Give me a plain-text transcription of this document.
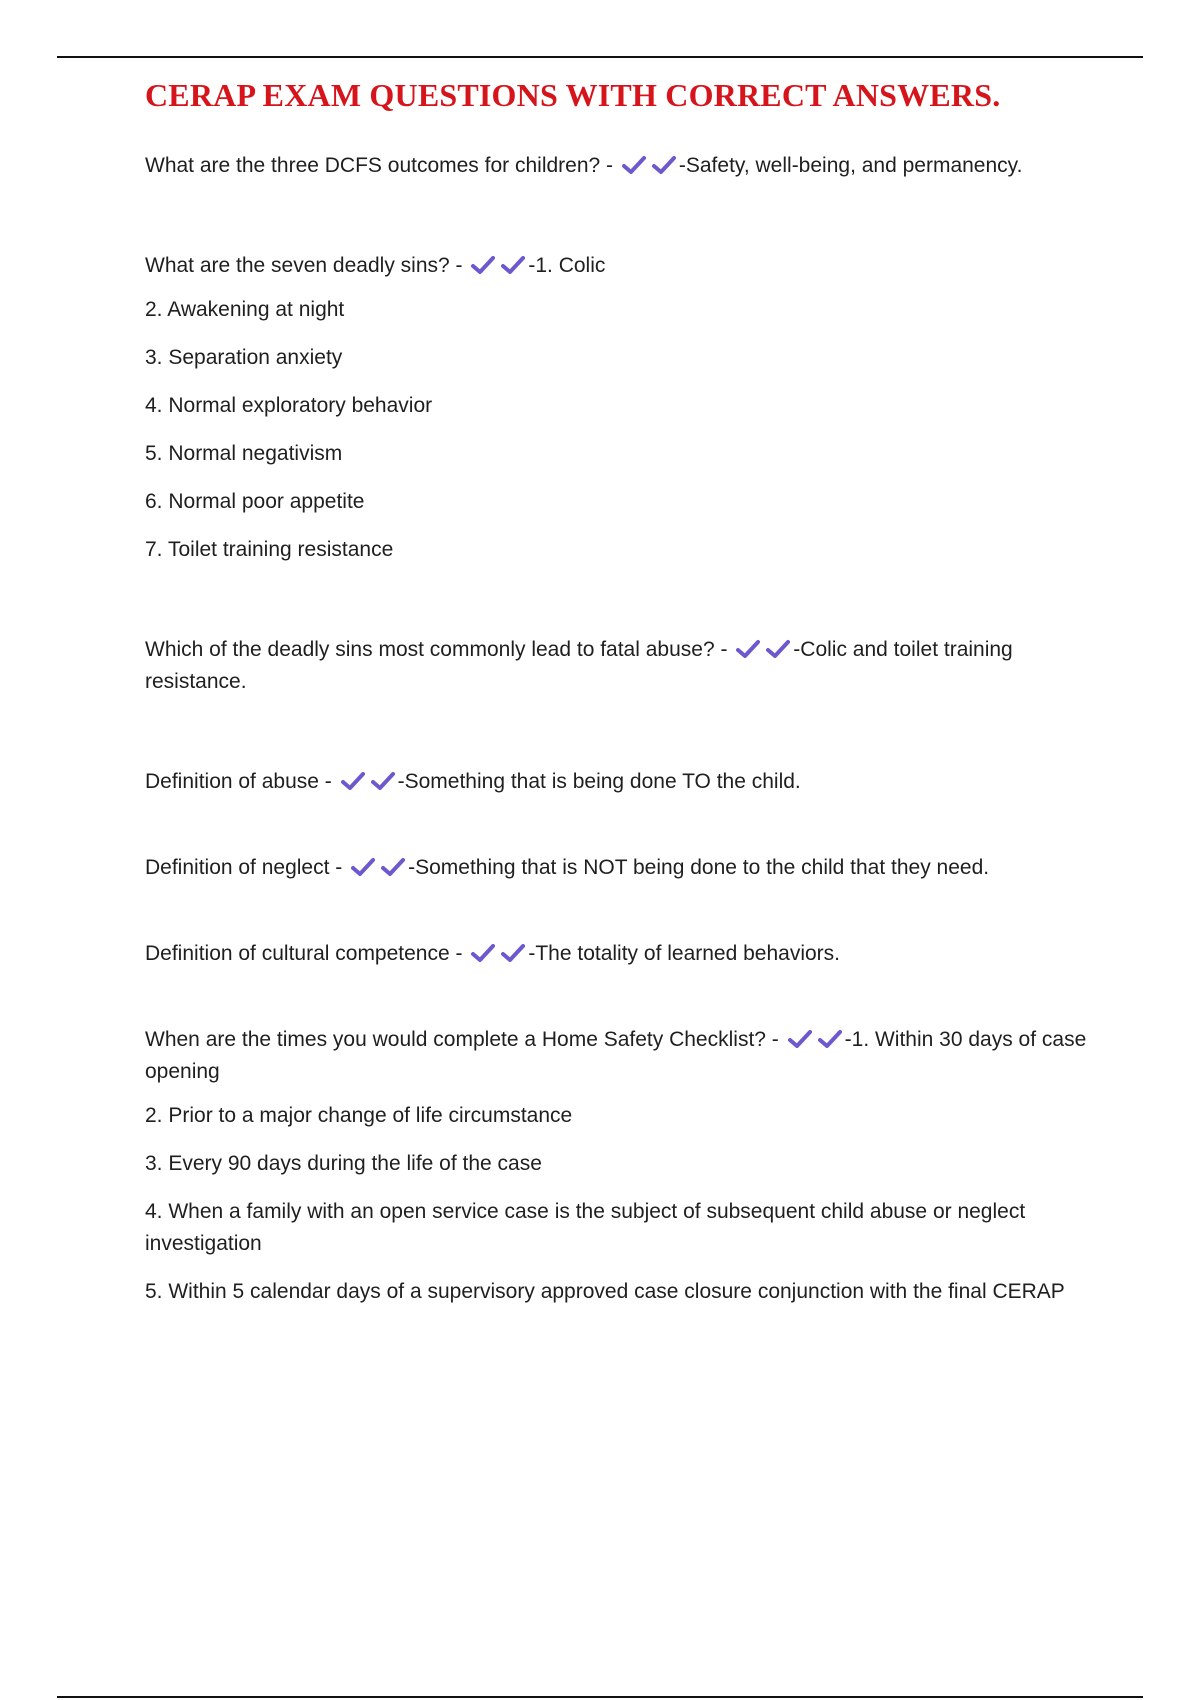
CERAP EXAM QUESTIONS WITH CORRECT ANSWERS.

What are the three DCFS outcomes for children? -	-Safety, well-being, and permanency.

What are the seven deadly sins? -	-1. Colic

2. Awakening at night

3. Separation anxiety

4. Normal exploratory behavior

5. Normal negativism

6. Normal poor appetite

7. Toilet training resistance

Which of the deadly sins most commonly lead to fatal abuse? -	-Colic and toilet training resistance.

Definition of abuse -	-Something that is being done TO the child.

Definition of neglect -	-Something that is NOT being done to the child that they need.

Definition of cultural competence -	-The totality of learned behaviors.

When are the times you would complete a Home Safety Checklist? -	-1. Within 30 days of case opening

2. Prior to a major change of life circumstance

3. Every 90 days during the life of the case

4. When a family with an open service case is the subject of subsequent child abuse or neglect investigation

5. Within 5 calendar days of a supervisory approved case closure conjunction with the final CERAP
